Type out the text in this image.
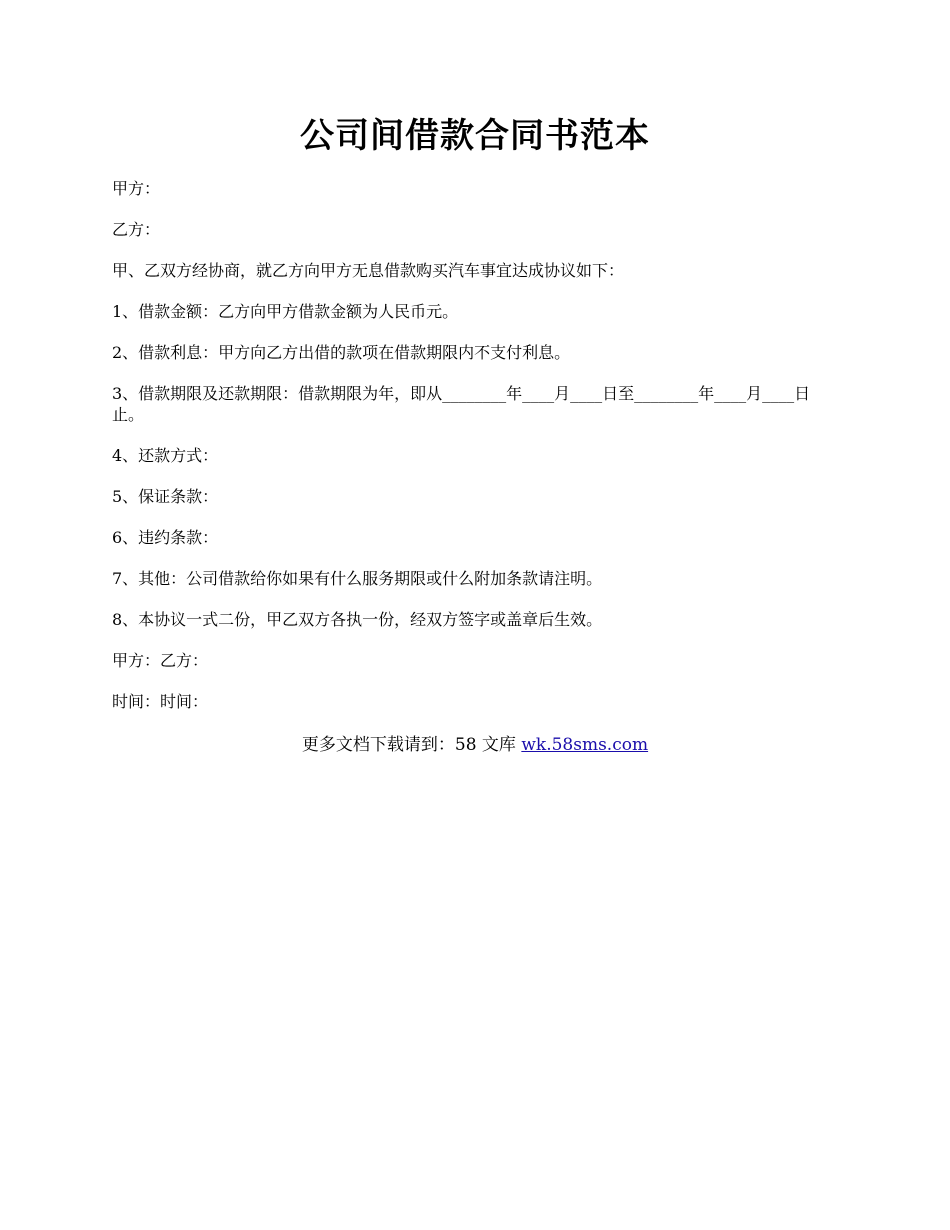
公司间借款合同书范本

甲方：

乙方：

甲、乙双方经协商，就乙方向甲方无息借款购买汽车事宜达成协议如下：

1、借款金额：乙方向甲方借款金额为人民币元。

2、借款利息：甲方向乙方出借的款项在借款期限内不支付利息。

3、借款期限及还款期限：借款期限为年，即从________年____月____日至________年____月____日止。

4、还款方式：

5、保证条款：

6、违约条款：

7、其他：公司借款给你如果有什么服务期限或什么附加条款请注明。

8、本协议一式二份，甲乙双方各执一份，经双方签字或盖章后生效。

甲方：乙方：

时间：时间：

更多文档下载请到：58 文库 wk.58sms.com
